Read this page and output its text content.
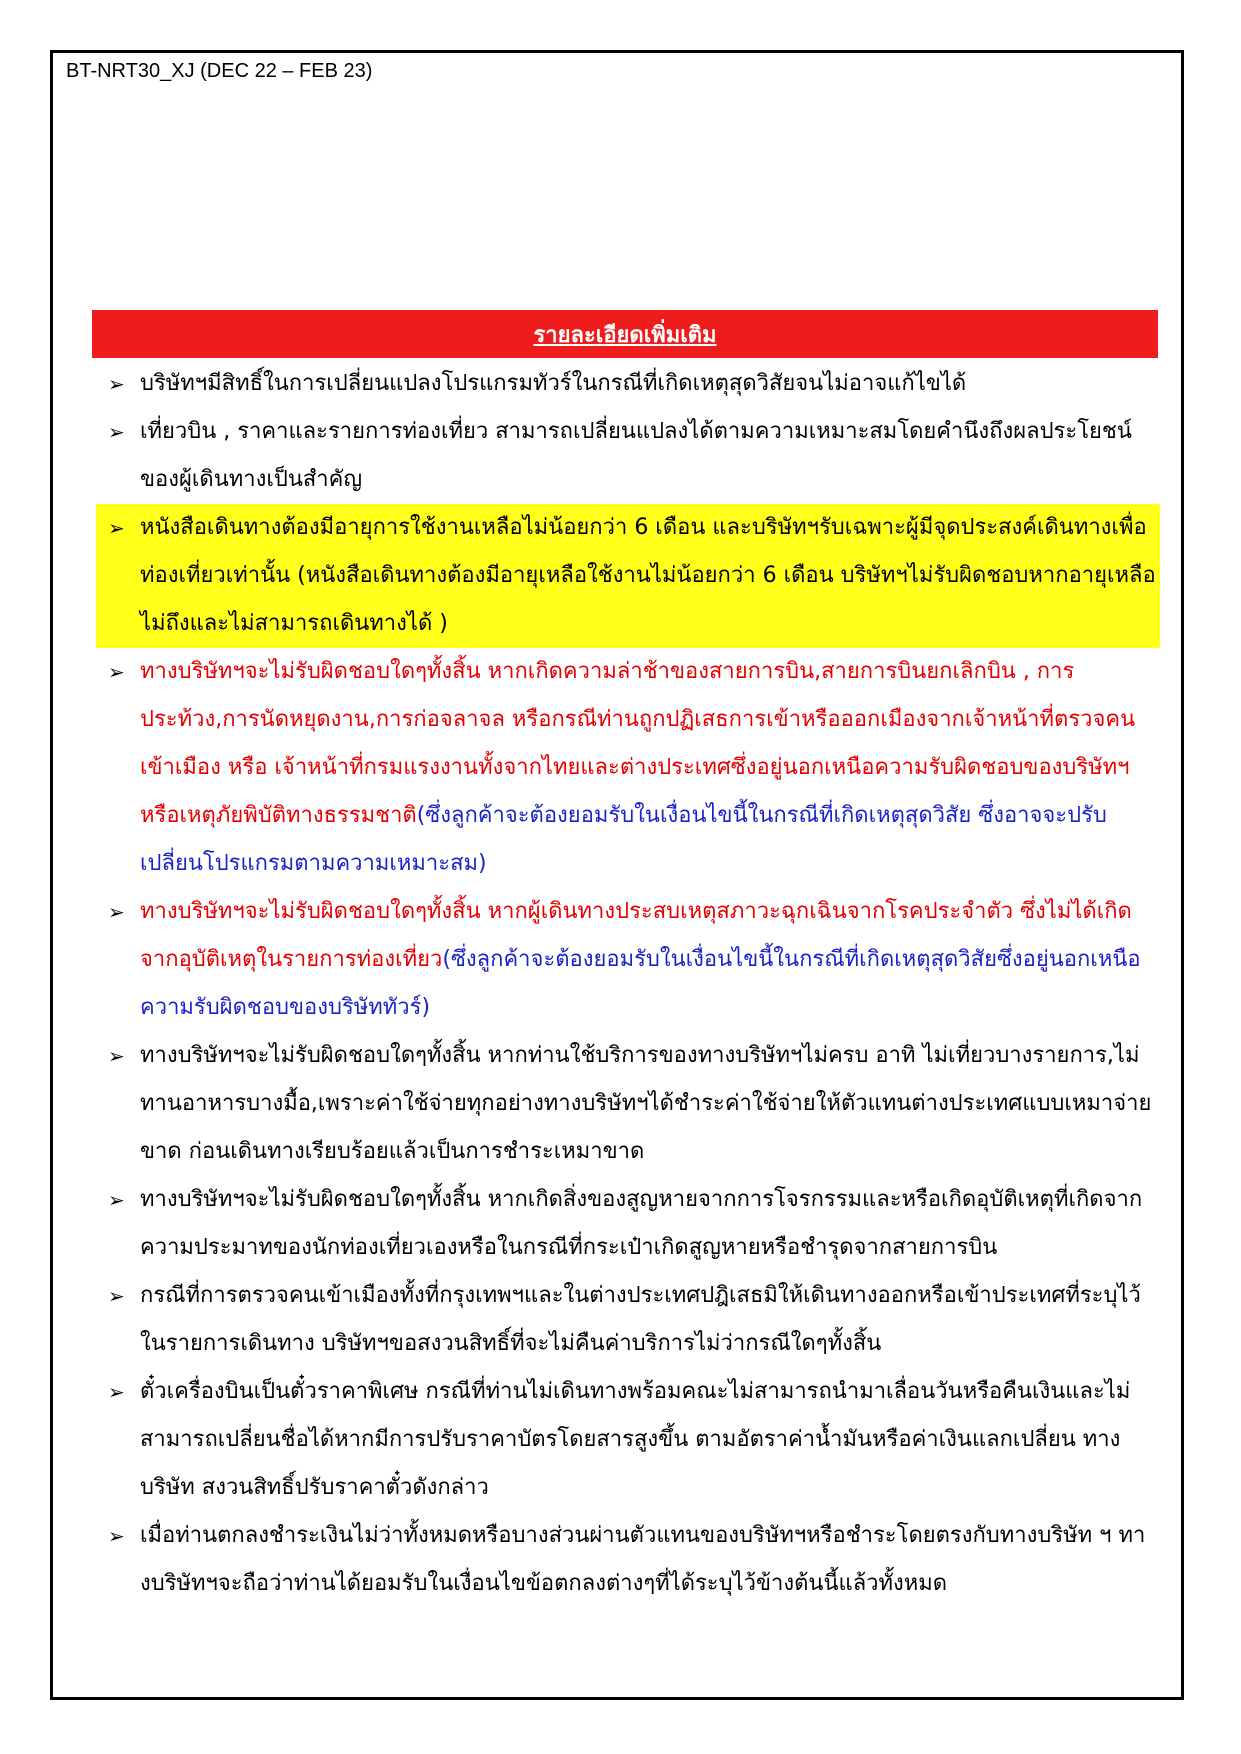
BT-NRT30_XJ (DEC 22 – FEB 23)
รายละเอียดเพิ่มเติม
➢ บริษัทฯมีสิทธิ์ในการเปลี่ยนแปลงโปรแกรมทัวร์ในกรณีที่เกิดเหตุสุดวิสัยจนไม่อาจแก้ไขได้
➢ เที่ยวบิน , ราคาและรายการท่องเที่ยว สามารถเปลี่ยนแปลงได้ตามความเหมาะสมโดยคำนึงถึงผลประโยชน์ของผู้เดินทางเป็นสำคัญ
➢ หนังสือเดินทางต้องมีอายุการใช้งานเหลือไม่น้อยกว่า 6 เดือน และบริษัทฯรับเฉพาะผู้มีจุดประสงค์เดินทางเพื่อท่องเที่ยวเท่านั้น (หนังสือเดินทางต้องมีอายุเหลือใช้งานไม่น้อยกว่า 6 เดือน บริษัทฯไม่รับผิดชอบหากอายุเหลือไม่ถึงและไม่สามารถเดินทางได้ )
➢ ทางบริษัทฯจะไม่รับผิดชอบใดๆทั้งสิ้น หากเกิดความล่าช้าของสายการบิน,สายการบินยกเลิกบิน , การประท้วง,การนัดหยุดงาน,การก่อจลาจล หรือกรณีท่านถูกปฏิเสธการเข้าหรือออกเมืองจากเจ้าหน้าที่ตรวจคนเข้าเมือง หรือ เจ้าหน้าที่กรมแรงงานทั้งจากไทยและต่างประเทศซึ่งอยู่นอกเหนือความรับผิดชอบของบริษัทฯหรือเหตุภัยพิบัติทางธรรมชาติ(ซึ่งลูกค้าจะต้องยอมรับในเงื่อนไขนี้ในกรณีที่เกิดเหตุสุดวิสัย ซึ่งอาจจะปรับเปลี่ยนโปรแกรมตามความเหมาะสม)
➢ ทางบริษัทฯจะไม่รับผิดชอบใดๆทั้งสิ้น หากผู้เดินทางประสบเหตุสภาวะฉุกเฉินจากโรคประจำตัว ซึ่งไม่ได้เกิดจากอุบัติเหตุในรายการท่องเที่ยว(ซึ่งลูกค้าจะต้องยอมรับในเงื่อนไขนี้ในกรณีที่เกิดเหตุสุดวิสัยซึ่งอยู่นอกเหนือความรับผิดชอบของบริษัททัวร์)
➢ ทางบริษัทฯจะไม่รับผิดชอบใดๆทั้งสิ้น หากท่านใช้บริการของทางบริษัทฯไม่ครบ อาทิ ไม่เที่ยวบางรายการ,ไม่ทานอาหารบางมื้อ,เพราะค่าใช้จ่ายทุกอย่างทางบริษัทฯได้ชำระค่าใช้จ่ายให้ตัวแทนต่างประเทศแบบเหมาจ่ายขาด ก่อนเดินทางเรียบร้อยแล้วเป็นการชำระเหมาขาด
➢ ทางบริษัทฯจะไม่รับผิดชอบใดๆทั้งสิ้น หากเกิดสิ่งของสูญหายจากการโจรกรรมและหรือเกิดอุบัติเหตุที่เกิดจากความประมาทของนักท่องเที่ยวเองหรือในกรณีที่กระเป๋าเกิดสูญหายหรือชำรุดจากสายการบิน
➢ กรณีที่การตรวจคนเข้าเมืองทั้งที่กรุงเทพฯและในต่างประเทศปฎิเสธมิให้เดินทางออกหรือเข้าประเทศที่ระบุไว้ในรายการเดินทาง บริษัทฯขอสงวนสิทธิ์ที่จะไม่คืนค่าบริการไม่ว่ากรณีใดๆทั้งสิ้น
➢ ตั๋วเครื่องบินเป็นตั๋วราคาพิเศษ กรณีที่ท่านไม่เดินทางพร้อมคณะไม่สามารถนำมาเลื่อนวันหรือคืนเงินและไม่สามารถเปลี่ยนชื่อได้หากมีการปรับราคาบัตรโดยสารสูงขึ้น ตามอัตราค่าน้ำมันหรือค่าเงินแลกเปลี่ยน ทางบริษัท สงวนสิทธิ์ปรับราคาตั๋วดังกล่าว
➢ เมื่อท่านตกลงชำระเงินไม่ว่าทั้งหมดหรือบางส่วนผ่านตัวแทนของบริษัทฯหรือชำระโดยตรงกับทางบริษัท ฯ ทางบริษัทฯจะถือว่าท่านได้ยอมรับในเงื่อนไขข้อตกลงต่างๆที่ได้ระบุไว้ข้างต้นนี้แล้วทั้งหมด
